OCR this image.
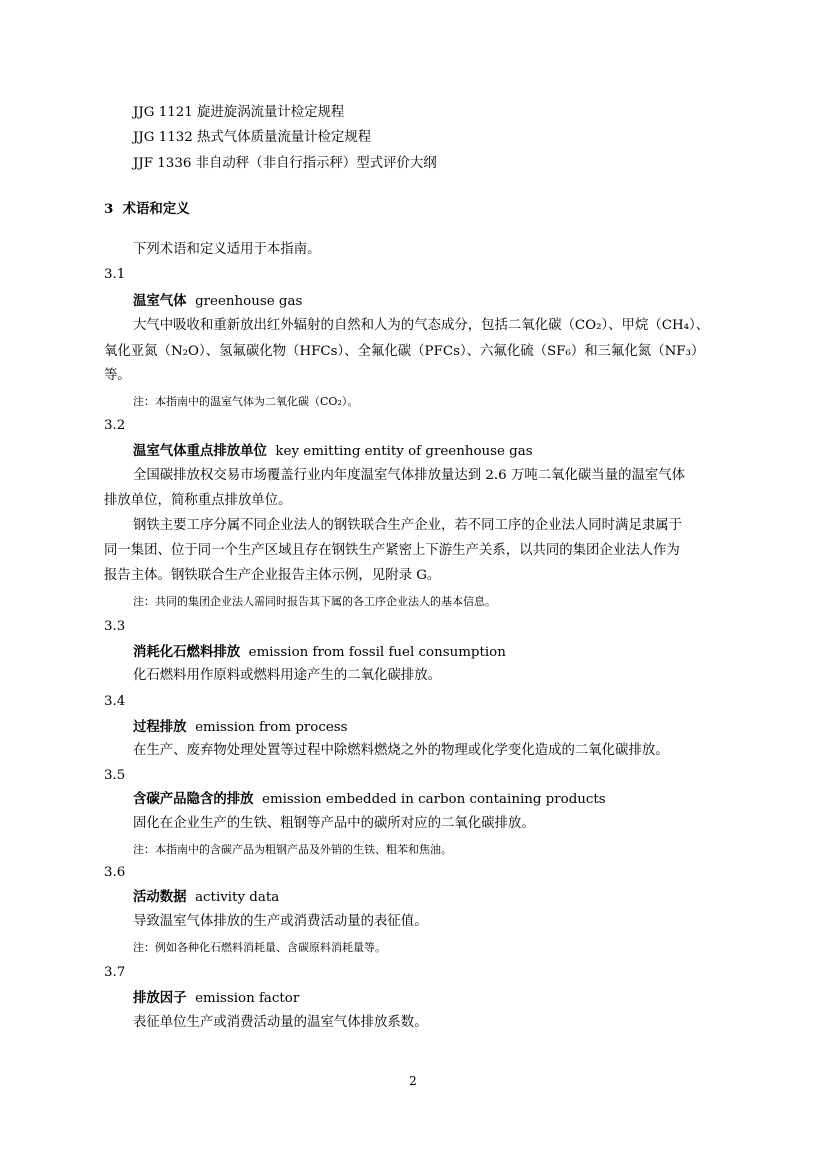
JJG 1121 旋进旋涡流量计检定规程
JJG 1132 热式气体质量流量计检定规程
JJF 1336 非自动秤（非自行指示秤）型式评价大纲
3 术语和定义
下列术语和定义适用于本指南。
3.1
温室气体 greenhouse gas
大气中吸收和重新放出红外辐射的自然和人为的气态成分，包括二氧化碳（CO₂）、甲烷（CH₄）、
氧化亚氮（N₂O）、氢氟碳化物（HFCs）、全氟化碳（PFCs）、六氟化硫（SF₆）和三氟化氮（NF₃）
等。
注：本指南中的温室气体为二氧化碳（CO₂）。
3.2
温室气体重点排放单位 key emitting entity of greenhouse gas
全国碳排放权交易市场覆盖行业内年度温室气体排放量达到 2.6 万吨二氧化碳当量的温室气体
排放单位，简称重点排放单位。
钢铁主要工序分属不同企业法人的钢铁联合生产企业，若不同工序的企业法人同时满足隶属于
同一集团、位于同一个生产区域且存在钢铁生产紧密上下游生产关系，以共同的集团企业法人作为
报告主体。钢铁联合生产企业报告主体示例，见附录 G。
注：共同的集团企业法人需同时报告其下属的各工序企业法人的基本信息。
3.3
消耗化石燃料排放 emission from fossil fuel consumption
化石燃料用作原料或燃料用途产生的二氧化碳排放。
3.4
过程排放 emission from process
在生产、废弃物处理处置等过程中除燃料燃烧之外的物理或化学变化造成的二氧化碳排放。
3.5
含碳产品隐含的排放 emission embedded in carbon containing products
固化在企业生产的生铁、粗钢等产品中的碳所对应的二氧化碳排放。
注：本指南中的含碳产品为粗钢产品及外销的生铁、粗苯和焦油。
3.6
活动数据 activity data
导致温室气体排放的生产或消费活动量的表征值。
注：例如各种化石燃料消耗量、含碳原料消耗量等。
3.7
排放因子 emission factor
表征单位生产或消费活动量的温室气体排放系数。
2
